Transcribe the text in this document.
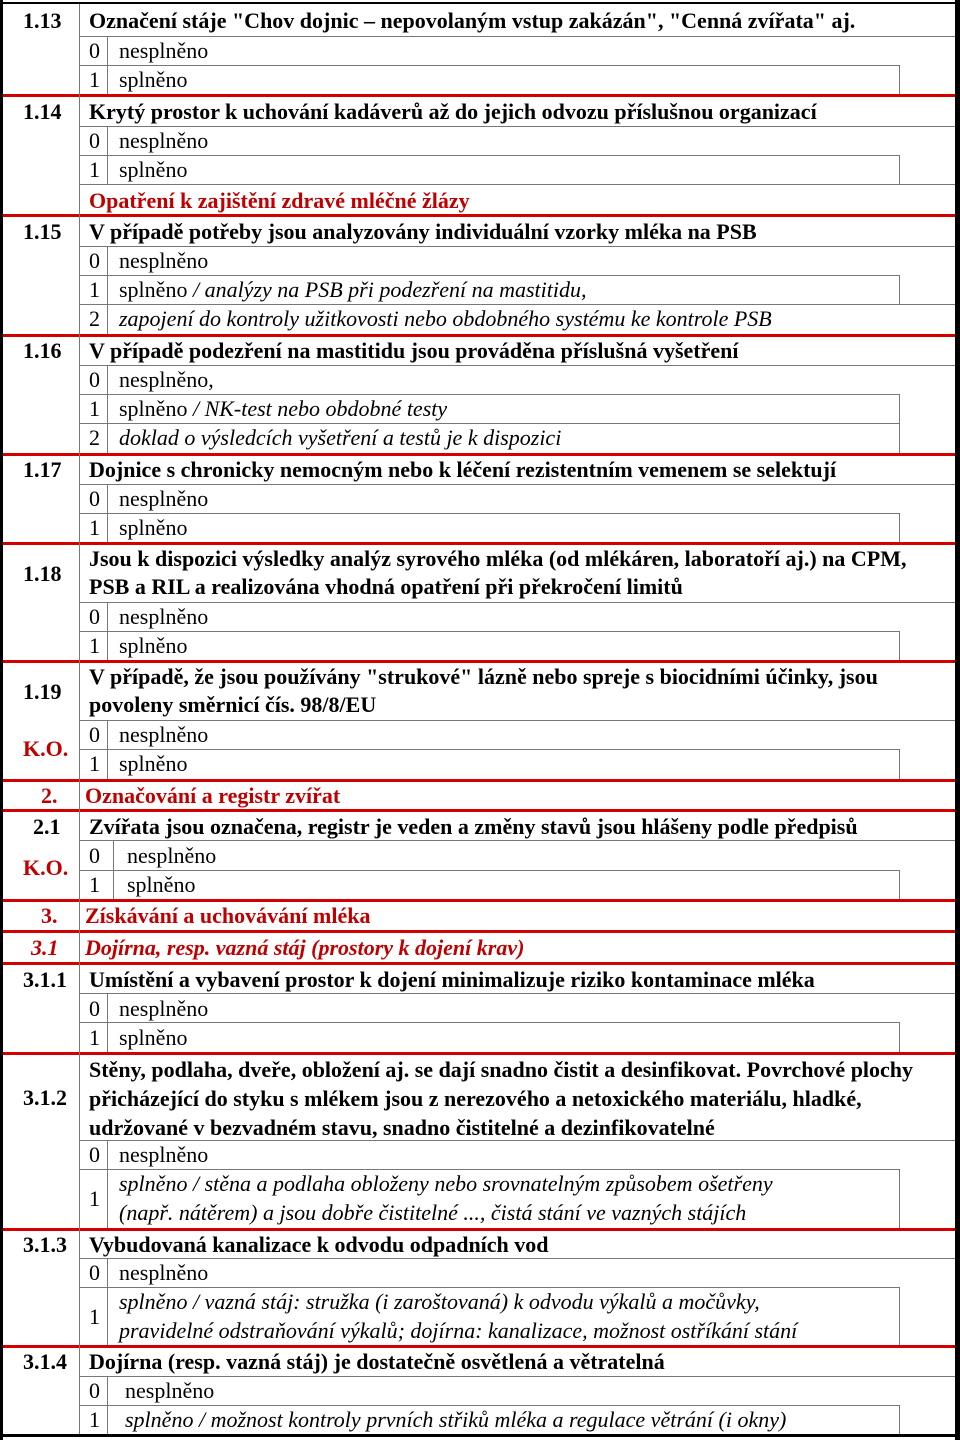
1.13 Označení stáje "Chov dojnic – nepovolaným vstup zakázán", "Cenná zvířata" aj.
0 nesplněno
1 splněno
1.14 Krytý prostor k uchování kadáverů až do jejich odvozu příslušnou organizací
0 nesplněno
1 splněno
Opatření k zajištění zdravé mléčné žlázy
1.15 V případě potřeby jsou analyzovány individuální vzorky mléka na PSB
0 nesplněno
1 splněno / analýzy na PSB při podezření na mastitidu,
2 zapojení do kontroly užitkovosti nebo obdobného systému ke kontrole PSB
1.16 V případě podezření na mastitidu jsou prováděna příslušná vyšetření
0 nesplněno,
1 splněno / NK-test nebo obdobné testy
2 doklad o výsledcích vyšetření a testů je k dispozici
1.17 Dojnice s chronicky nemocným nebo k léčení rezistentním vemenem se selektují
0 nesplněno
1 splněno
1.18
Jsou k dispozici výsledky analýz syrového mléka (od mlékáren, laboratoří aj.) na CPM, PSB a RIL a realizována vhodná opatření při překročení limitů
0 nesplněno
1 splněno
1.19
V případě, že jsou používány "strukové" lázně nebo spreje s biocidními účinky, jsou povoleny směrnicí čís. 98/8/EU
K.O.
0 nesplněno
1 splněno
2. Označování a registr zvířat
2.1 Zvířata jsou označena, registr je veden a změny stavů jsou hlášeny podle předpisů
K.O. 0 nesplněno
1 splněno
3. Získávání a uchovávání mléka
3.1 Dojírna, resp. vazná stáj (prostory k dojení krav)
3.1.1 Umístění a vybavení prostor k dojení minimalizuje riziko kontaminace mléka
0 nesplněno
1 splněno
3.1.2
Stěny, podlaha, dveře, obložení aj. se dají snadno čistit a desinfikovat. Povrchové plochy přicházející do styku s mlékem jsou z nerezového a netoxického materiálu, hladké, udržované v bezvadném stavu, snadno čistitelné a dezinfikovatelné
0 nesplněno
1
splněno / stěna a podlaha obloženy nebo srovnatelným způsobem ošetřeny
(např. nátěrem) a jsou dobře čistitelné ..., čistá stání ve vazných stájích
3.1.3 Vybudovaná kanalizace k odvodu odpadních vod
0 nesplněno
1
splněno / vazná stáj: stružka (i zaroštovaná) k odvodu výkalů a močůvky,
pravidelné odstraňování výkalů; dojírna: kanalizace, možnost ostříkání stání
3.1.4 Dojírna (resp. vazná stáj) je dostatečně osvětlená a větratelná
0 nesplněno
1 splněno / možnost kontroly prvních střiků mléka a regulace větrání (i okny)
